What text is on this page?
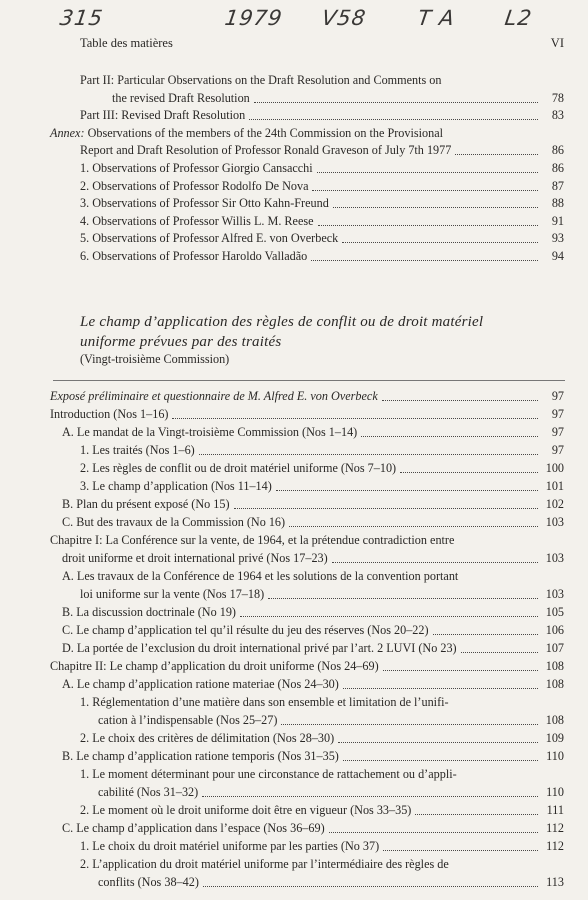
315	1979 V58 T A L2
Table des matières	VI
Part II: Particular Observations on the Draft Resolution and Comments on
the revised Draft Resolution	78
Part III: Revised Draft Resolution	83
Annex: Observations of the members of the 24th Commission on the Provisional
Report and Draft Resolution of Professor Ronald Graveson of July 7th 1977	86
1. Observations of Professor Giorgio Cansacchi	86
2. Observations of Professor Rodolfo De Nova	87
3. Observations of Professor Sir Otto Kahn-Freund	88
4. Observations of Professor Willis L. M. Reese	91
5. Observations of Professor Alfred E. von Overbeck	93
6. Observations of Professor Haroldo Valladão	94
Le champ d’application des règles de conflit ou de droit matériel
uniforme prévues par des traités
(Vingt-troisième Commission)
Exposé préliminaire et questionnaire de M. Alfred E. von Overbeck	97
Introduction (Nos 1–16)	97
A. Le mandat de la Vingt-troisième Commission (Nos 1–14)	97
1. Les traités (Nos 1–6)	97
2. Les règles de conflit ou de droit matériel uniforme (Nos 7–10)	100
3. Le champ d’application (Nos 11–14)	101
B. Plan du présent exposé (No 15)	102
C. But des travaux de la Commission (No 16)	103
Chapitre I: La Conférence sur la vente, de 1964, et la prétendue contradiction entre
droit uniforme et droit international privé (Nos 17–23)	103
A. Les travaux de la Conférence de 1964 et les solutions de la convention portant
loi uniforme sur la vente (Nos 17–18)	103
B. La discussion doctrinale (No 19)	105
C. Le champ d’application tel qu’il résulte du jeu des réserves (Nos 20–22)	106
D. La portée de l’exclusion du droit international privé par l’art. 2 LUVI (No 23)	107
Chapitre II: Le champ d’application du droit uniforme (Nos 24–69)	108
A. Le champ d’application ratione materiae (Nos 24–30)	108
1. Réglementation d’une matière dans son ensemble et limitation de l’unifi-
cation à l’indispensable (Nos 25–27)	108
2. Le choix des critères de délimitation (Nos 28–30)	109
B. Le champ d’application ratione temporis (Nos 31–35)	110
1. Le moment déterminant pour une circonstance de rattachement ou d’appli-
cabilité (Nos 31–32)	110
2. Le moment où le droit uniforme doit être en vigueur (Nos 33–35)	111
C. Le champ d’application dans l’espace (Nos 36–69)	112
1. Le choix du droit matériel uniforme par les parties (No 37)	112
2. L’application du droit matériel uniforme par l’intermédiaire des règles de
conflits (Nos 38–42)	113
